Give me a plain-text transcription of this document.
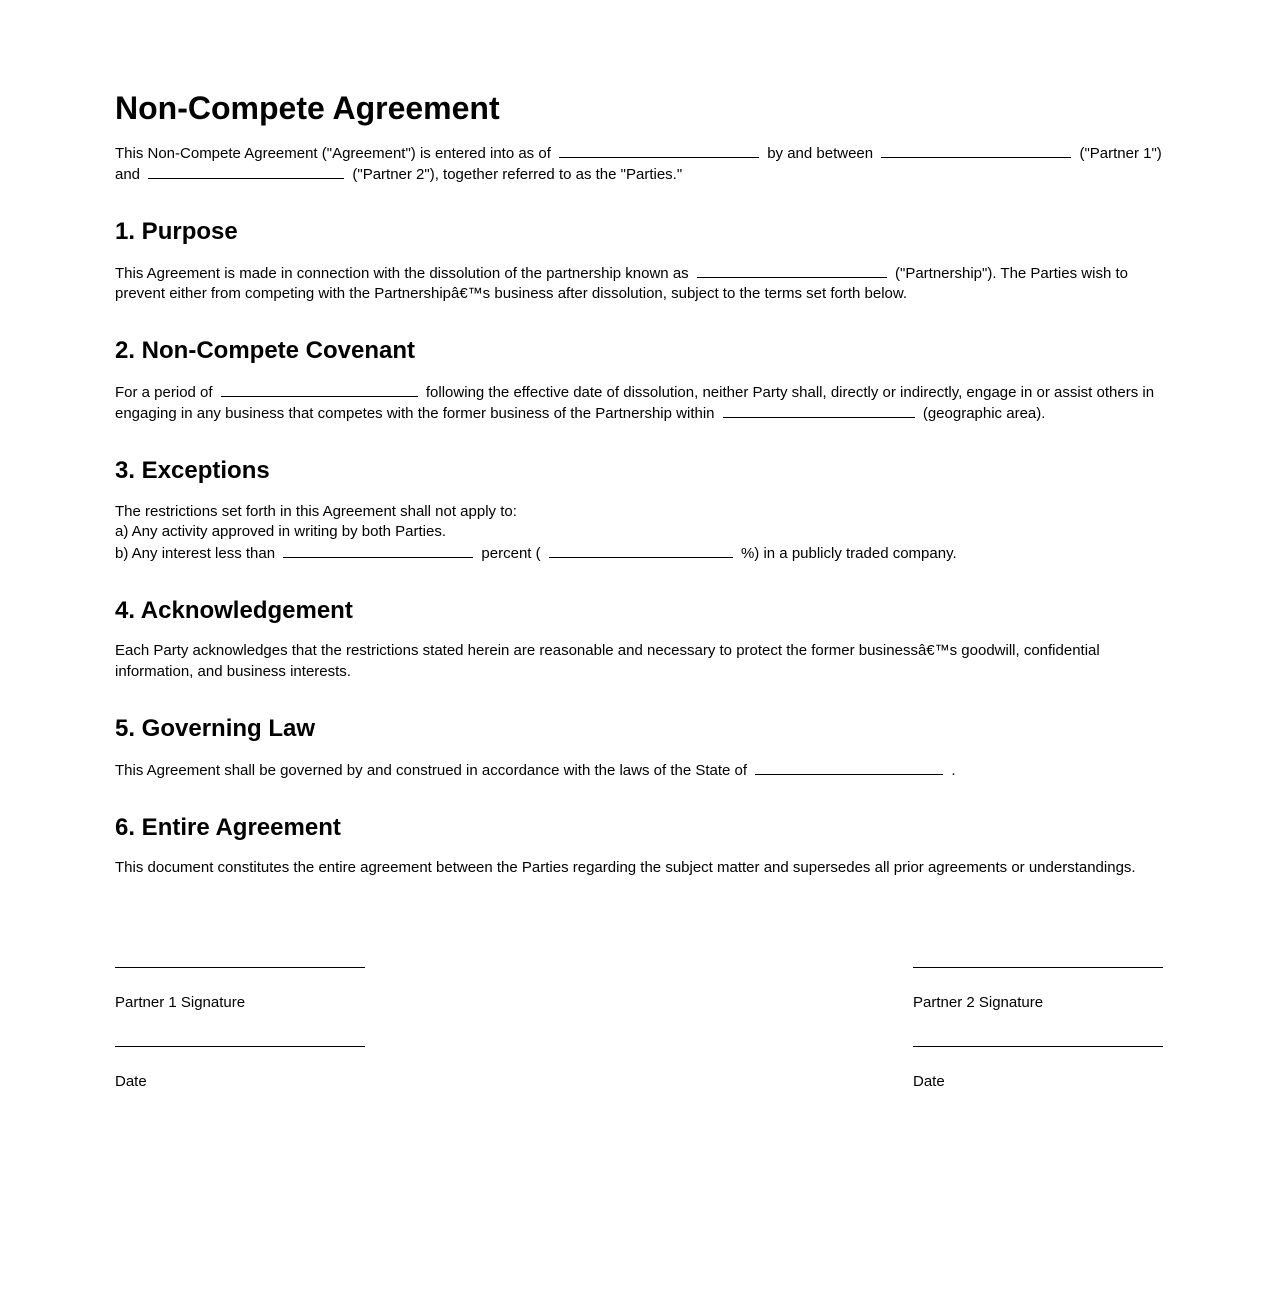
Non-Compete Agreement

This Non-Compete Agreement ("Agreement") is entered into as of	by and between	("Partner 1") and	("Partner 2"), together referred to as the "Parties."

1. Purpose

This Agreement is made in connection with the dissolution of the partnership known as	("Partnership"). The Parties wish to prevent either from competing with the Partnershipâ€™s business after dissolution, subject to the terms set forth below.

2. Non-Compete Covenant

For a period of	following the effective date of dissolution, neither Party shall, directly or indirectly, engage in or assist others in engaging in any business that competes with the former business of the Partnership within	(geographic area).

3. Exceptions

The restrictions set forth in this Agreement shall not apply to:
a) Any activity approved in writing by both Parties.
b) Any interest less than	percent (	%) in a publicly traded company.

4. Acknowledgement

Each Party acknowledges that the restrictions stated herein are reasonable and necessary to protect the former businessâ€™s goodwill, confidential information, and business interests.

5. Governing Law

This Agreement shall be governed by and construed in accordance with the laws of the State of	.

6. Entire Agreement

This document constitutes the entire agreement between the Parties regarding the subject matter and supersedes all prior agreements or understandings.

Partner 1 Signature

Date

Partner 2 Signature

Date
